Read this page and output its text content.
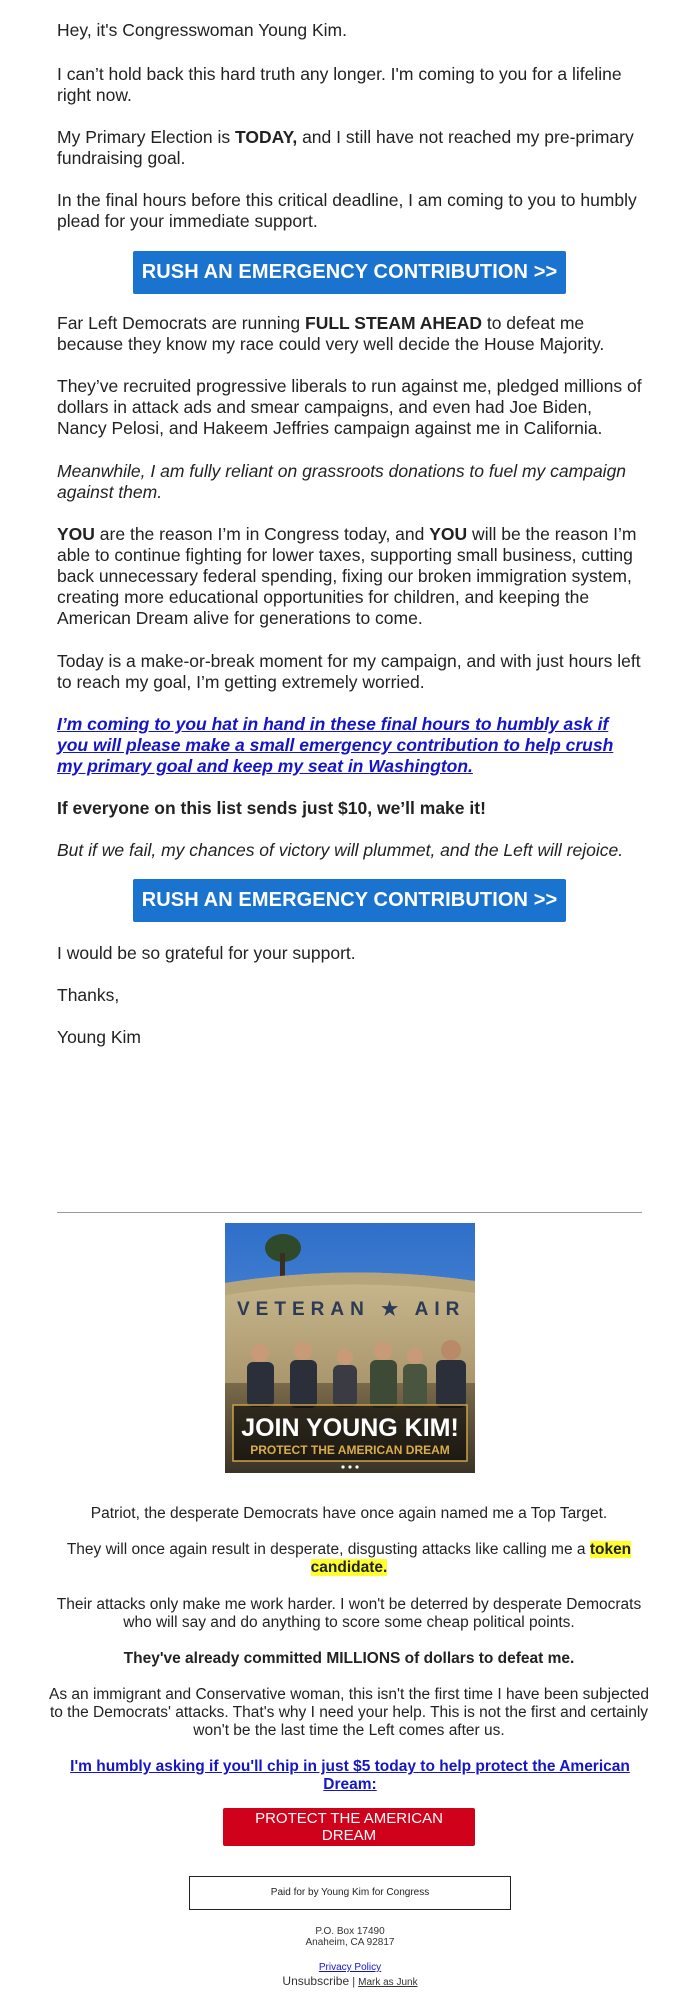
Hey, it's Congresswoman Young Kim.

I can’t hold back this hard truth any longer. I'm coming to you for a lifeline right now.

My Primary Election is TODAY, and I still have not reached my pre-primary fundraising goal.

In the final hours before this critical deadline, I am coming to you to humbly plead for your immediate support.

RUSH AN EMERGENCY CONTRIBUTION >>

Far Left Democrats are running FULL STEAM AHEAD to defeat me because they know my race could very well decide the House Majority.

They’ve recruited progressive liberals to run against me, pledged millions of dollars in attack ads and smear campaigns, and even had Joe Biden, Nancy Pelosi, and Hakeem Jeffries campaign against me in California.

Meanwhile, I am fully reliant on grassroots donations to fuel my campaign against them.

YOU are the reason I’m in Congress today, and YOU will be the reason I’m able to continue fighting for lower taxes, supporting small business, cutting back unnecessary federal spending, fixing our broken immigration system, creating more educational opportunities for children, and keeping the American Dream alive for generations to come.

Today is a make-or-break moment for my campaign, and with just hours left to reach my goal, I’m getting extremely worried.

I’m coming to you hat in hand in these final hours to humbly ask if you will please make a small emergency contribution to help crush my primary goal and keep my seat in Washington.

If everyone on this list sends just $10, we’ll make it!

But if we fail, my chances of victory will plummet, and the Left will rejoice.

RUSH AN EMERGENCY CONTRIBUTION >>

I would be so grateful for your support.

Thanks,

Young Kim

VETERAN ★ AIR
JOIN YOUNG KIM!
PROTECT THE AMERICAN DREAM

Patriot, the desperate Democrats have once again named me a Top Target.

They will once again result in desperate, disgusting attacks like calling me a token candidate.

Their attacks only make me work harder. I won't be deterred by desperate Democrats who will say and do anything to score some cheap political points.

They've already committed MILLIONS of dollars to defeat me.

As an immigrant and Conservative woman, this isn't the first time I have been subjected to the Democrats' attacks. That's why I need your help. This is not the first and certainly won't be the last time the Left comes after us.

I'm humbly asking if you'll chip in just $5 today to help protect the American Dream:

PROTECT THE AMERICAN DREAM
Paid for by Young Kim for Congress
P.O. Box 17490
Anaheim, CA 92817
Privacy Policy
Unsubscribe | Mark as Junk
